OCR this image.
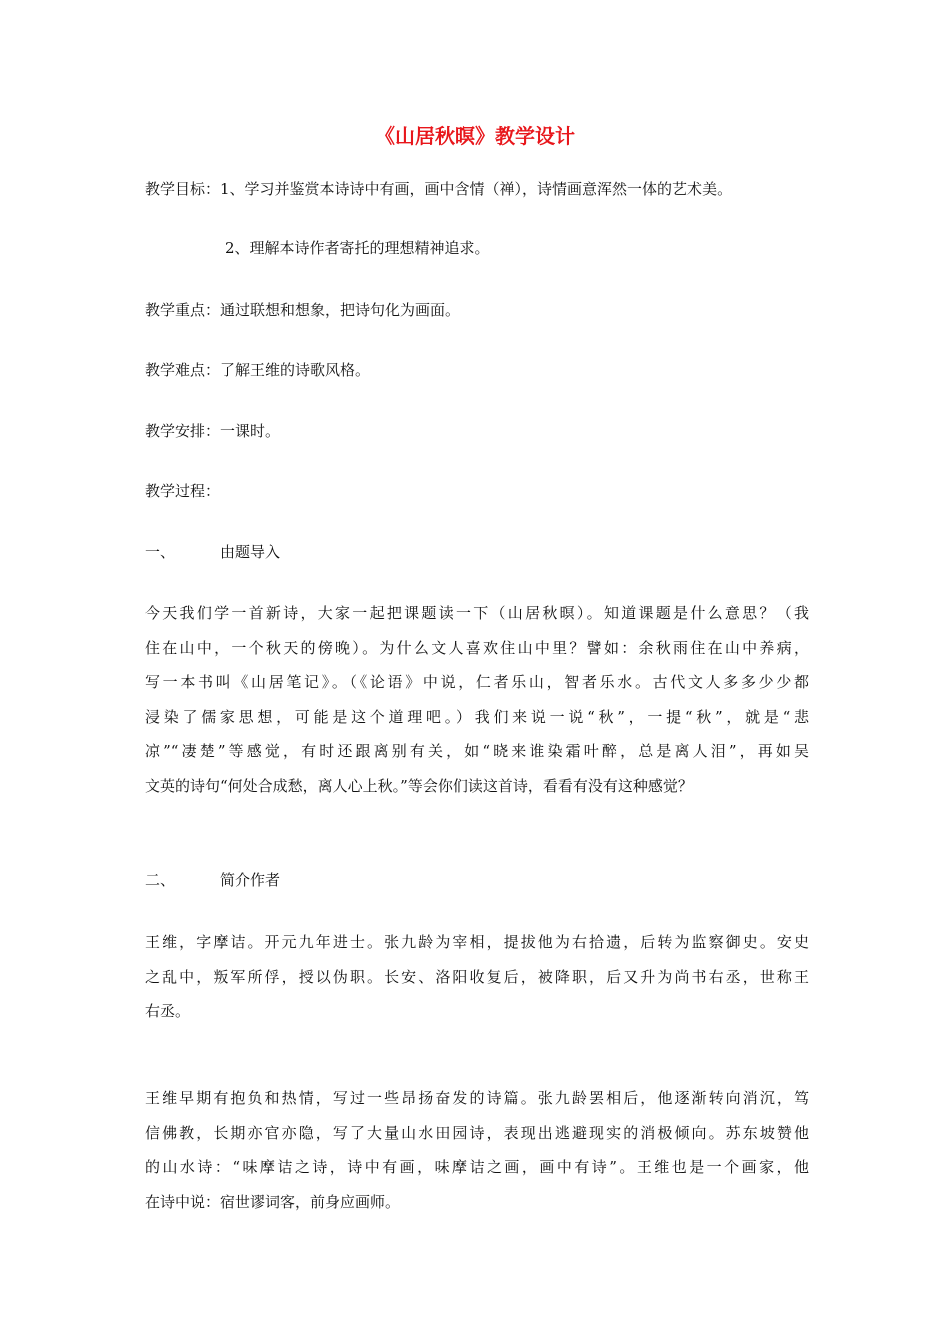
《山居秋暝》教学设计
教学目标：1、学习并鉴赏本诗诗中有画，画中含情（禅），诗情画意浑然一体的艺术美。
2、理解本诗作者寄托的理想精神追求。
教学重点：通过联想和想象，把诗句化为画面。
教学难点：了解王维的诗歌风格。
教学安排：一课时。
教学过程：
一、	由题导入
今天我们学一首新诗，大家一起把课题读一下（山居秋暝）。知道课题是什么意思？（我
住在山中，一个秋天的傍晚）。为什么文人喜欢住山中里？譬如：余秋雨住在山中养病，
写一本书叫《山居笔记》。（《论语》中说，仁者乐山，智者乐水。古代文人多多少少都
浸染了儒家思想，可能是这个道理吧。）我们来说一说“秋”，一提“秋”，就是“悲
凉”“凄楚”等感觉，有时还跟离别有关，如“晓来谁染霜叶醉，总是离人泪”，再如吴
文英的诗句“何处合成愁，离人心上秋。”等会你们读这首诗，看看有没有这种感觉？
二、	简介作者
王维，字摩诘。开元九年进士。张九龄为宰相，提拔他为右拾遗，后转为监察御史。安史
之乱中，叛军所俘，授以伪职。长安、洛阳收复后，被降职，后又升为尚书右丞，世称王
右丞。
王维早期有抱负和热情，写过一些昂扬奋发的诗篇。张九龄罢相后，他逐渐转向消沉，笃
信佛教，长期亦官亦隐，写了大量山水田园诗，表现出逃避现实的消极倾向。苏东坡赞他
的山水诗：“味摩诘之诗，诗中有画，味摩诘之画，画中有诗”。王维也是一个画家，他
在诗中说：宿世谬词客，前身应画师。
